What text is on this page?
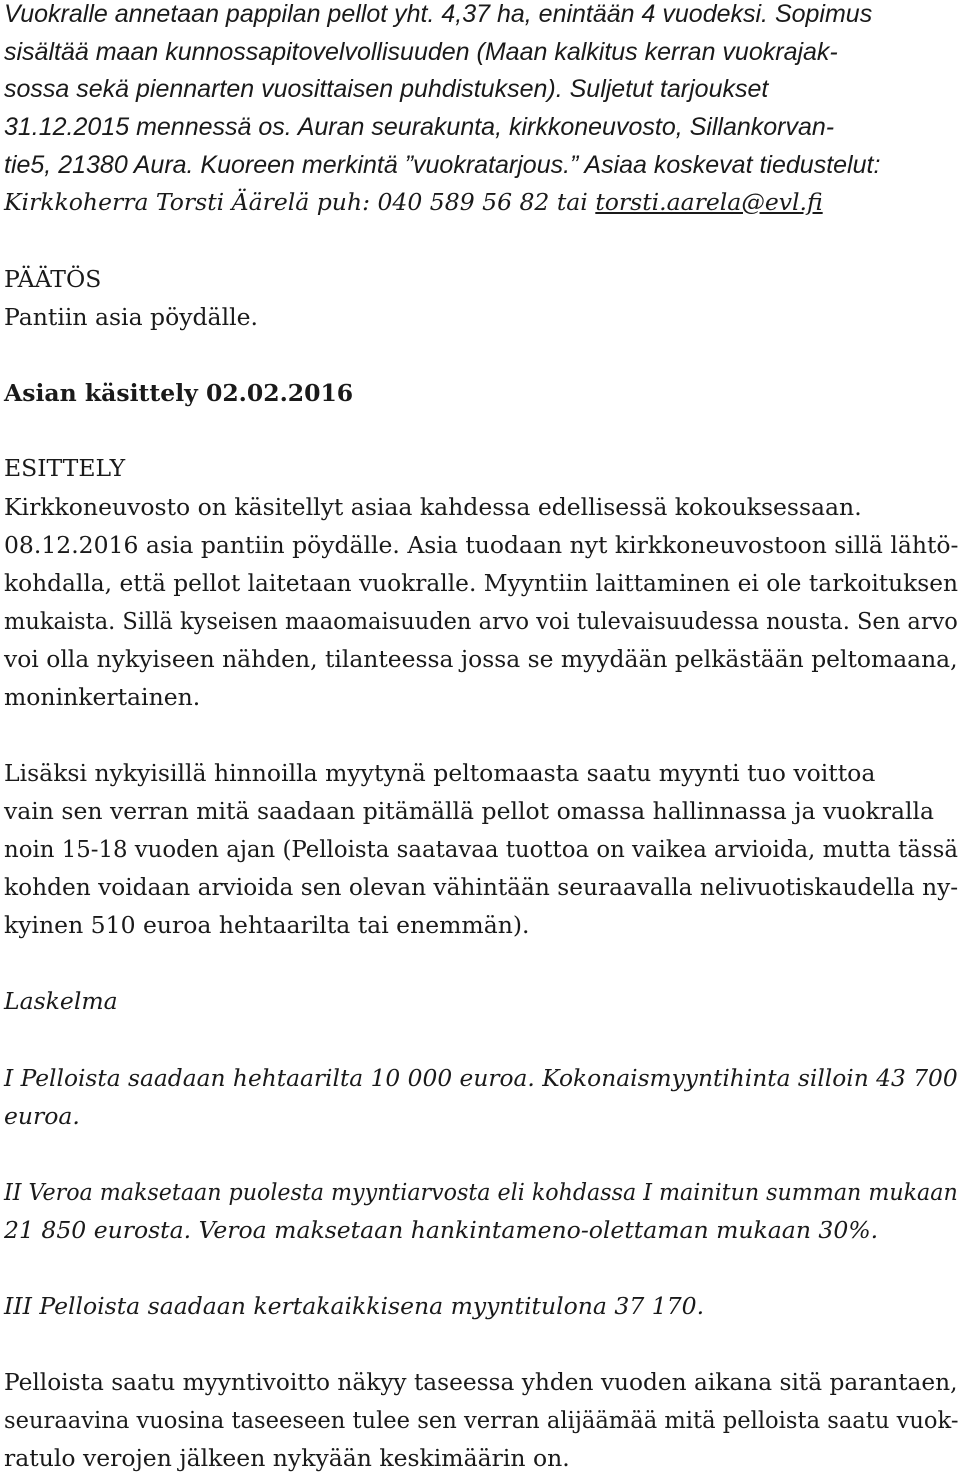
Vuokralle annetaan pappilan pellot yht. 4,37 ha, enintään 4 vuodeksi. Sopimus
sisältää maan kunnossapitovelvollisuuden (Maan kalkitus kerran vuokrajak-
sossa sekä piennarten vuosittaisen puhdistuksen). Suljetut tarjoukset
31.12.2015 mennessä os. Auran seurakunta, kirkkoneuvosto, Sillankorvan-
tie5, 21380 Aura. Kuoreen merkintä ”vuokratarjous.” Asiaa koskevat tiedustelut:
Kirkkoherra Torsti Äärelä puh: 040 589 56 82 tai torsti.aarela@evl.fi
PÄÄTÖS
Pantiin asia pöydälle.
Asian käsittely 02.02.2016
ESITTELY
Kirkkoneuvosto on käsitellyt asiaa kahdessa edellisessä kokouksessaan.
08.12.2016 asia pantiin pöydälle. Asia tuodaan nyt kirkkoneuvostoon sillä lähtö-
kohdalla, että pellot laitetaan vuokralle. Myyntiin laittaminen ei ole tarkoituksen
mukaista. Sillä kyseisen maaomaisuuden arvo voi tulevaisuudessa nousta. Sen arvo
voi olla nykyiseen nähden, tilanteessa jossa se myydään pelkästään peltomaana,
moninkertainen.
Lisäksi nykyisillä hinnoilla myytynä peltomaasta saatu myynti tuo voittoa
vain sen verran mitä saadaan pitämällä pellot omassa hallinnassa ja vuokralla
noin 15-18 vuoden ajan (Pelloista saatavaa tuottoa on vaikea arvioida, mutta tässä
kohden voidaan arvioida sen olevan vähintään seuraavalla nelivuotiskaudella ny-
kyinen 510 euroa hehtaarilta tai enemmän).
Laskelma
I Pelloista saadaan hehtaarilta 10 000 euroa. Kokonaismyyntihinta silloin 43 700
euroa.
II Veroa maksetaan puolesta myyntiarvosta eli kohdassa I mainitun summan mukaan
21 850 eurosta. Veroa maksetaan hankintameno-olettaman mukaan 30%.
III Pelloista saadaan kertakaikkisena myyntitulona 37 170.
Pelloista saatu myyntivoitto näkyy taseessa yhden vuoden aikana sitä parantaen,
seuraavina vuosina taseeseen tulee sen verran alijäämää mitä pelloista saatu vuok-
ratulo verojen jälkeen nykyään keskimäärin on.
